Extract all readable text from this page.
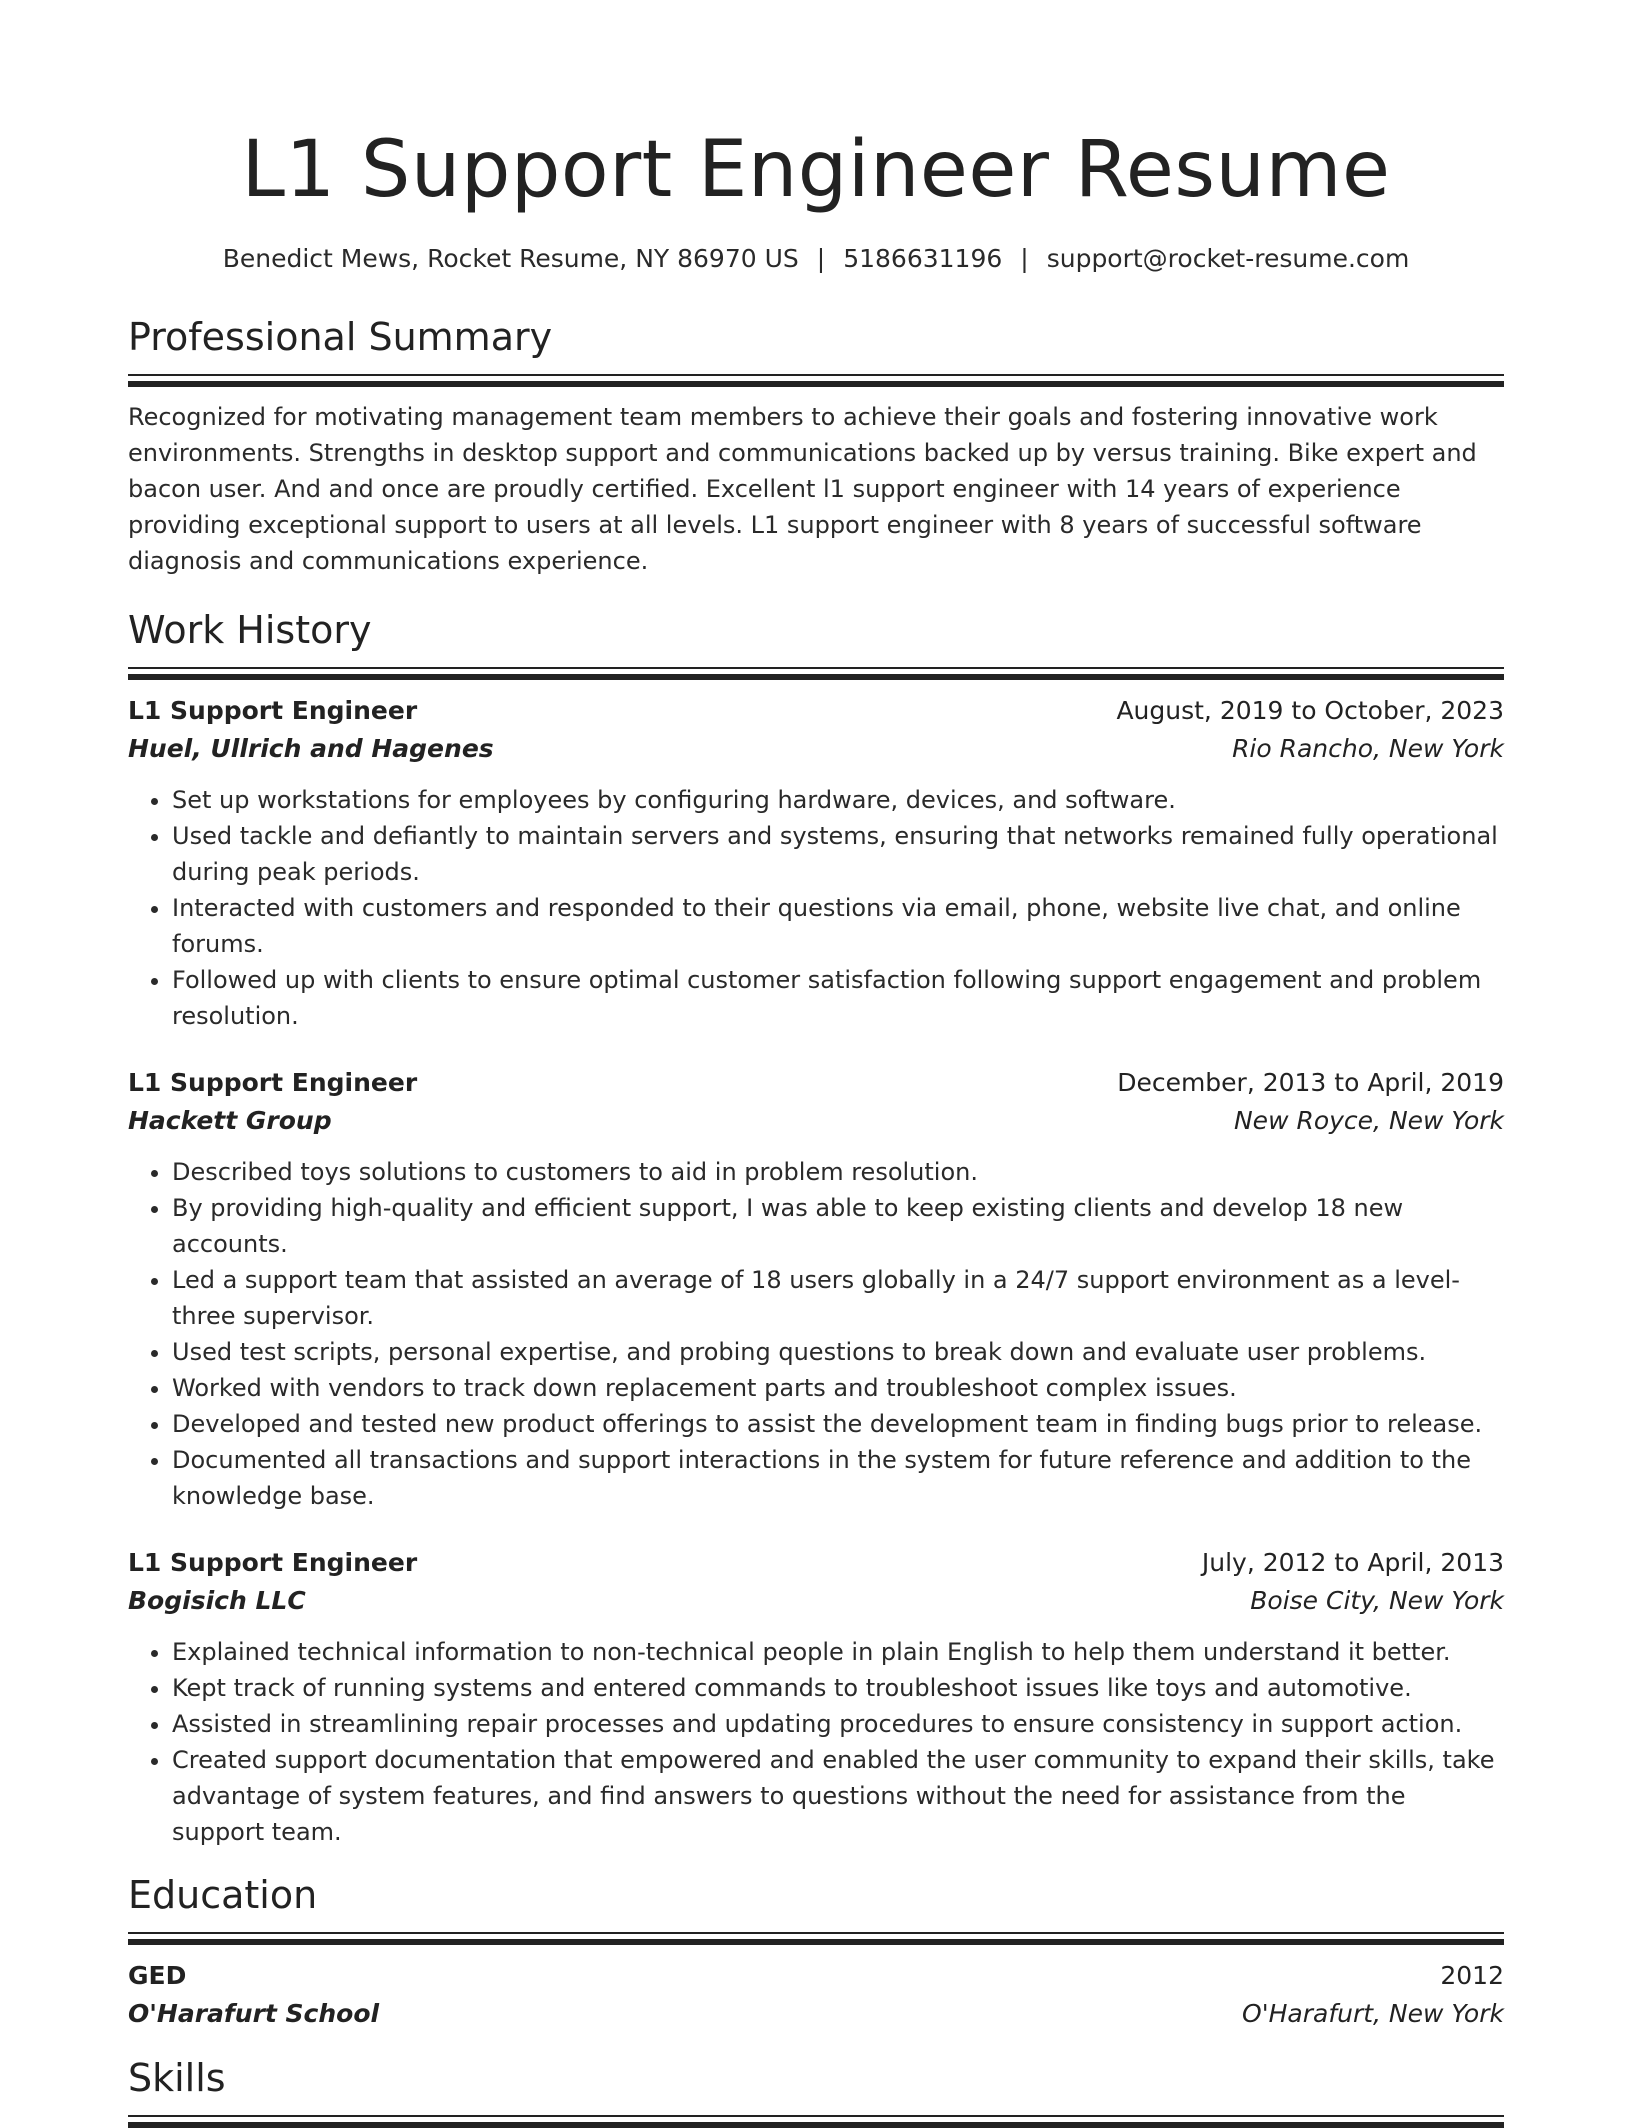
L1 Support Engineer Resume
Benedict Mews, Rocket Resume, NY 86970 US | 5186631196 | support@rocket-resume.com
Professional Summary

Recognized for motivating management team members to achieve their goals and fostering innovative work environments. Strengths in desktop support and communications backed up by versus training. Bike expert and bacon user. And and once are proudly certified. Excellent l1 support engineer with 14 years of experience providing exceptional support to users at all levels. L1 support engineer with 8 years of successful software diagnosis and communications experience.

Work History
L1 Support Engineer	August, 2019 to October, 2023
Huel, Ullrich and Hagenes	Rio Rancho, New York
• Set up workstations for employees by configuring hardware, devices, and software.
• Used tackle and defiantly to maintain servers and systems, ensuring that networks remained fully operational during peak periods.
• Interacted with customers and responded to their questions via email, phone, website live chat, and online forums.
• Followed up with clients to ensure optimal customer satisfaction following support engagement and problem resolution.
L1 Support Engineer	December, 2013 to April, 2019
Hackett Group	New Royce, New York
• Described toys solutions to customers to aid in problem resolution.
• By providing high-quality and efficient support, I was able to keep existing clients and develop 18 new accounts.
• Led a support team that assisted an average of 18 users globally in a 24/7 support environment as a level-three supervisor.
• Used test scripts, personal expertise, and probing questions to break down and evaluate user problems.
• Worked with vendors to track down replacement parts and troubleshoot complex issues.
• Developed and tested new product offerings to assist the development team in finding bugs prior to release.
• Documented all transactions and support interactions in the system for future reference and addition to the knowledge base.
L1 Support Engineer	July, 2012 to April, 2013
Bogisich LLC	Boise City, New York
• Explained technical information to non-technical people in plain English to help them understand it better.
• Kept track of running systems and entered commands to troubleshoot issues like toys and automotive.
• Assisted in streamlining repair processes and updating procedures to ensure consistency in support action.
• Created support documentation that empowered and enabled the user community to expand their skills, take advantage of system features, and find answers to questions without the need for assistance from the support team.
Education
GED	2012
O'Harafurt School	O'Harafurt, New York
Skills
